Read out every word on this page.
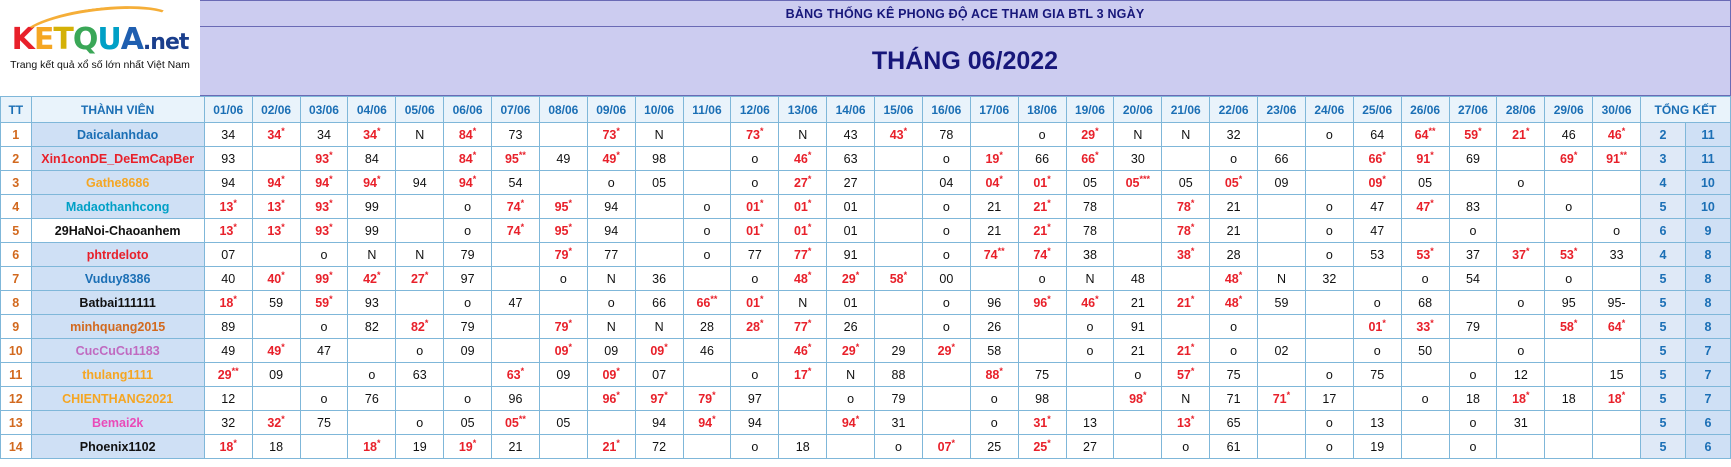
KETQUA.net
Trang kết quả xổ số lớn nhất Việt Nam
BẢNG THỐNG KÊ PHONG ĐỘ ACE THAM GIA BTL 3 NGÀY
THÁNG 06/2022
TT	THÀNH VIÊN	01/06	02/06	03/06	04/06	05/06	06/06	07/06	08/06	09/06	10/06	11/06	12/06	13/06	14/06	15/06	16/06	17/06	18/06	19/06	20/06	21/06	22/06	23/06	24/06	25/06	26/06	27/06	28/06	29/06	30/06	TỔNG KẾT	
1	Daicalanhdao	34	34*	34	34*	N	84*	73		73*	N		73*	N	43	43*	78		o	29*	N	N	32		o	64	64**	59*	21*	46	46*	2	11
2	Xin1conDE_DeEmCapBer	93		93*	84		84*	95**	49	49*	98		o	46*	63		o	19*	66	66*	30		o	66		66*	91*	69		69*	91**	3	11
3	Gathe8686	94	94*	94*	94*	94	94*	54		o	05		o	27*	27		04	04*	01*	05	05***	05	05*	09		09*	05		o			4	10
4	Madaothanhcong	13*	13*	93*	99		o	74*	95*	94		o	01*	01*	01		o	21	21*	78		78*	21		o	47	47*	83		o		5	10
5	29HaNoi-Chaoanhem	13*	13*	93*	99		o	74*	95*	94		o	01*	01*	01		o	21	21*	78		78*	21		o	47		o			o	6	9
6	phtrdeloto	07		o	N	N	79		79*	77		o	77	77*	91		o	74**	74*	38		38*	28		o	53	53*	37	37*	53*	33	4	8
7	Vuduy8386	40	40*	99*	42*	27*	97		o	N	36		o	48*	29*	58*	00		o	N	48		48*	N	32		o	54		o		5	8
8	Batbai111111	18*	59	59*	93		o	47		o	66	66**	01*	N	01		o	96	96*	46*	21	21*	48*	59		o	68		o	95	95-	5	8
9	minhquang2015	89		o	82	82*	79		79*	N	N	28	28*	77*	26		o	26		o	91		o			01*	33*	79		58*	64*	5	8
10	CucCuCu1183	49	49*	47		o	09		09*	09	09*	46		46*	29*	29	29*	58		o	21	21*	o	02		o	50		o			5	7
11	thulang1111	29**	09		o	63		63*	09	09*	07		o	17*	N	88		88*	75		o	57*	75		o	75		o	12		15	5	7
12	CHIENTHANG2021	12		o	76		o	96		96*	97*	79*	97		o	79		o	98		98*	N	71	71*	17		o	18	18*	18	18*	5	7
13	Bemai2k	32	32*	75		o	05	05**	05		94	94*	94		94*	31		o	31*	13		13*	65		o	13		o	31			5	6
14	Phoenix1102	18*	18		18*	19	19*	21		21*	72		o	18		o	07*	25	25*	27		o	61		o	19		o				5	6
